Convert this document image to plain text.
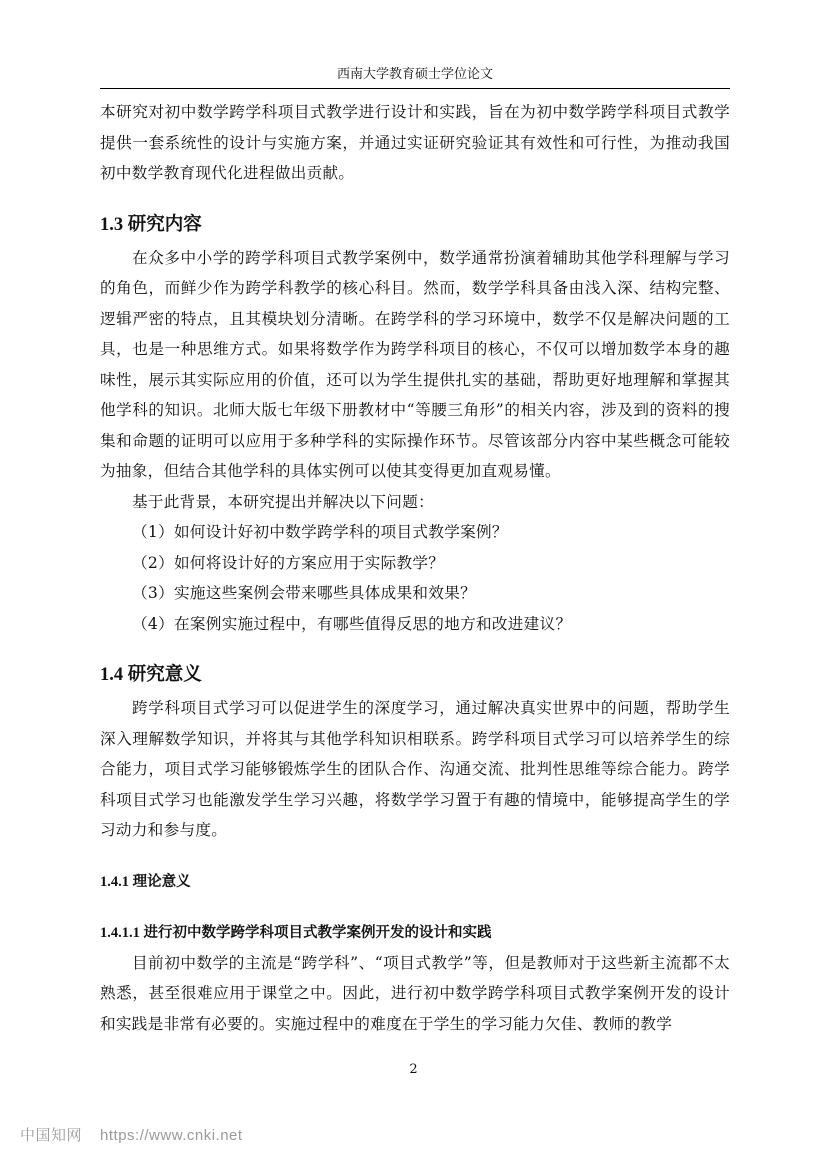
西南大学教育硕士学位论文

本研究对初中数学跨学科项目式教学进行设计和实践，旨在为初中数学跨学科项目式教学提供一套系统性的设计与实施方案，并通过实证研究验证其有效性和可行性，为推动我国初中数学教育现代化进程做出贡献。

1.3 研究内容

在众多中小学的跨学科项目式教学案例中，数学通常扮演着辅助其他学科理解与学习的角色，而鲜少作为跨学科教学的核心科目。然而，数学学科具备由浅入深、结构完整、逻辑严密的特点，且其模块划分清晰。在跨学科的学习环境中，数学不仅是解决问题的工具，也是一种思维方式。如果将数学作为跨学科项目的核心，不仅可以增加数学本身的趣味性，展示其实际应用的价值，还可以为学生提供扎实的基础，帮助更好地理解和掌握其他学科的知识。北师大版七年级下册教材中“等腰三角形”的相关内容，涉及到的资料的搜集和命题的证明可以应用于多种学科的实际操作环节。尽管该部分内容中某些概念可能较为抽象，但结合其他学科的具体实例可以使其变得更加直观易懂。

基于此背景，本研究提出并解决以下问题：

（1）如何设计好初中数学跨学科的项目式教学案例？

（2）如何将设计好的方案应用于实际教学？

（3）实施这些案例会带来哪些具体成果和效果？

（4）在案例实施过程中，有哪些值得反思的地方和改进建议？

1.4 研究意义

跨学科项目式学习可以促进学生的深度学习，通过解决真实世界中的问题，帮助学生深入理解数学知识，并将其与其他学科知识相联系。跨学科项目式学习可以培养学生的综合能力，项目式学习能够锻炼学生的团队合作、沟通交流、批判性思维等综合能力。跨学科项目式学习也能激发学生学习兴趣，将数学学习置于有趣的情境中，能够提高学生的学习动力和参与度。

1.4.1 理论意义
1.4.1.1 进行初中数学跨学科项目式教学案例开发的设计和实践

目前初中数学的主流是“跨学科”、“项目式教学”等，但是教师对于这些新主流都不太熟悉，甚至很难应用于课堂之中。因此，进行初中数学跨学科项目式教学案例开发的设计和实践是非常有必要的。实施过程中的难度在于学生的学习能力欠佳、教师的教学

2
中国知网 https://www.cnki.net
